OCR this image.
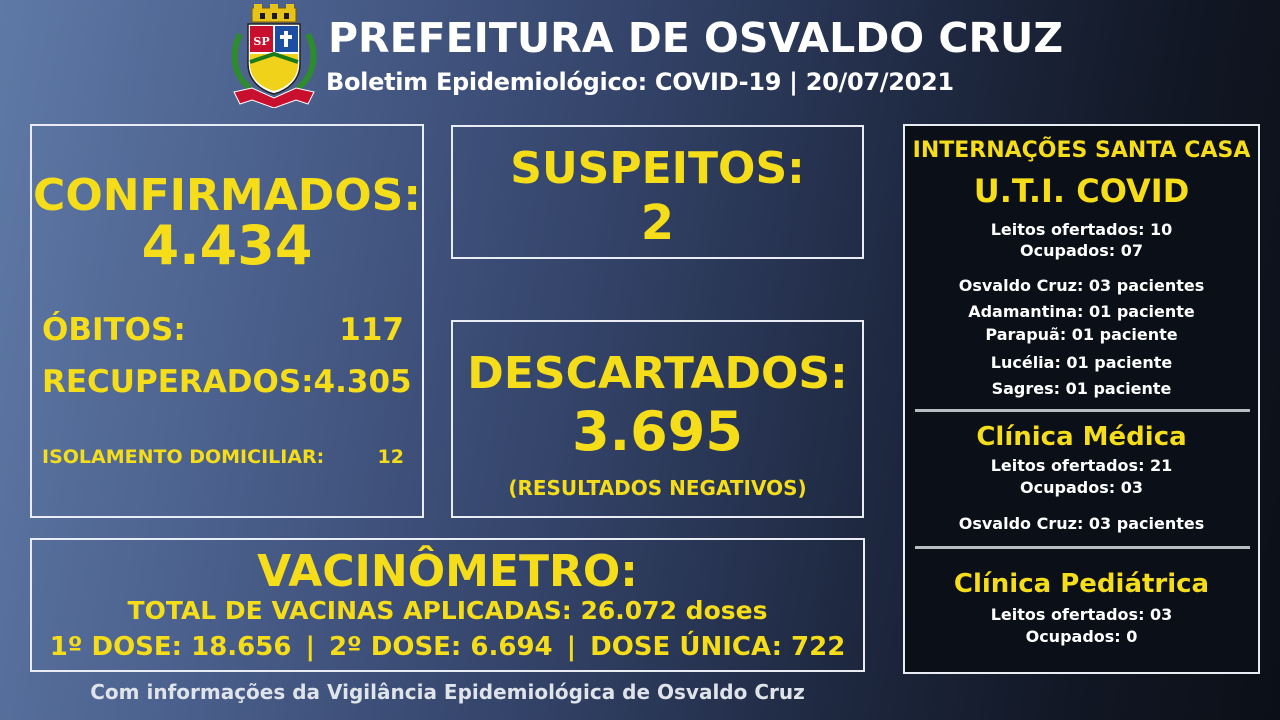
SP PREFEITURA DE OSVALDO CRUZ
Boletim Epidemiológico: COVID-19 | 20/07/2021
CONFIRMADOS:
4.434
ÓBITOS:	117
RECUPERADOS: 4.305
ISOLAMENTO DOMICILIAR:	12
SUSPEITOS:
2
DESCARTADOS:
3.695
(RESULTADOS NEGATIVOS)
VACINÔMETRO:
TOTAL DE VACINAS APLICADAS: 26.072 doses
1º DOSE: 18.656 | 2º DOSE: 6.694 | DOSE ÚNICA: 722
INTERNAÇÕES SANTA CASA
U.T.I. COVID
Leitos ofertados: 10
Ocupados: 07
Osvaldo Cruz: 03 pacientes
Adamantina: 01 paciente
Parapuã: 01 paciente
Lucélia: 01 paciente
Sagres: 01 paciente
Clínica Médica
Leitos ofertados: 21
Ocupados: 03
Osvaldo Cruz: 03 pacientes
Clínica Pediátrica
Leitos ofertados: 03
Ocupados: 0
Com informações da Vigilância Epidemiológica de Osvaldo Cruz
